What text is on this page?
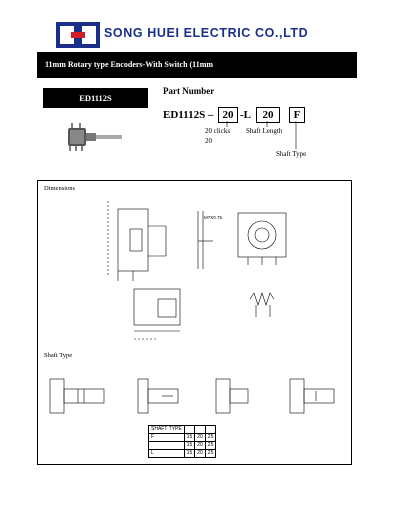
SONG HUEI ELECTRIC CO.,LTD
11mm Rotary type Encoders-With Switch (11mm
ED1112S
Part Number
ED1112S – 20 -L	20	F
20 clicks
20
Shaft Length
Shaft Type
Dimensions
Shaft Type
M7X0.75
SHAFT TYPE			
F	15	20	25
	15	20	25
L	15	20	25
